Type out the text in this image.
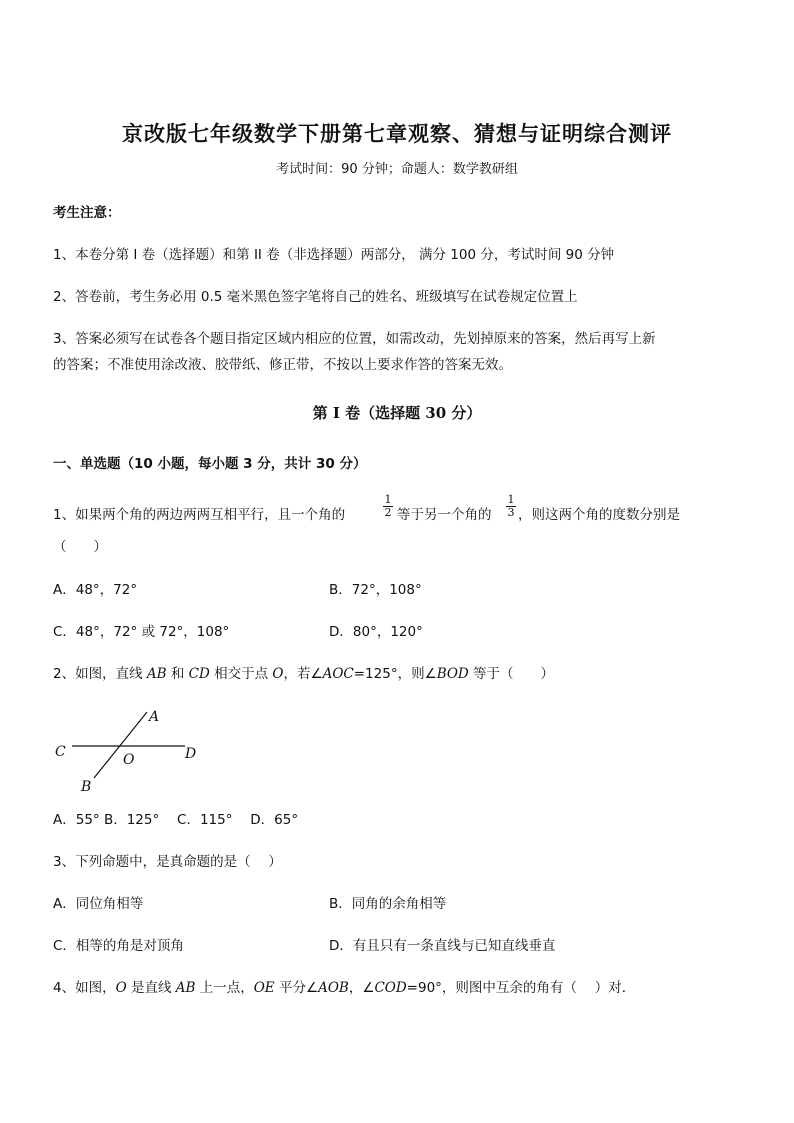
京改版七年级数学下册第七章观察、猜想与证明综合测评
考试时间：90 分钟；命题人：数学教研组
考生注意：
1、本卷分第 I 卷（选择题）和第 II 卷（非选择题）两部分， 满分 100 分，考试时间 90 分钟
2、答卷前，考生务必用 0.5 毫米黑色签字笔将自己的姓名、班级填写在试卷规定位置上
3、答案必须写在试卷各个题目指定区域内相应的位置，如需改动，先划掉原来的答案，然后再写上新
的答案；不准使用涂改液、胶带纸、修正带，不按以上要求作答的答案无效。
第 I 卷（选择题 30 分）
一、单选题（10 小题，每小题 3 分，共计 30 分）
1、如果两个角的两边两两互相平行，且一个角的
1
2 等于另一个角的
1
3 ，则这两个角的度数分别是
（　　）
A．48°，72°	B．72°，108°
C．48°，72° 或 72°，108°	D．80°，120°
2、如图，直线 AB 和 CD 相交于点 O，若∠AOC=125°，则∠BOD 等于（　　）
A
C	D
O
B
A．55° B．125°　 C．115°　 D．65°
3、下列命题中，是真命题的是（　 ）
A．同位角相等	B．同角的余角相等
C．相等的角是对顶角	D．有且只有一条直线与已知直线垂直
4、如图，O 是直线 AB 上一点，OE 平分∠AOB，∠COD=90°，则图中互余的角有（　 ）对．
